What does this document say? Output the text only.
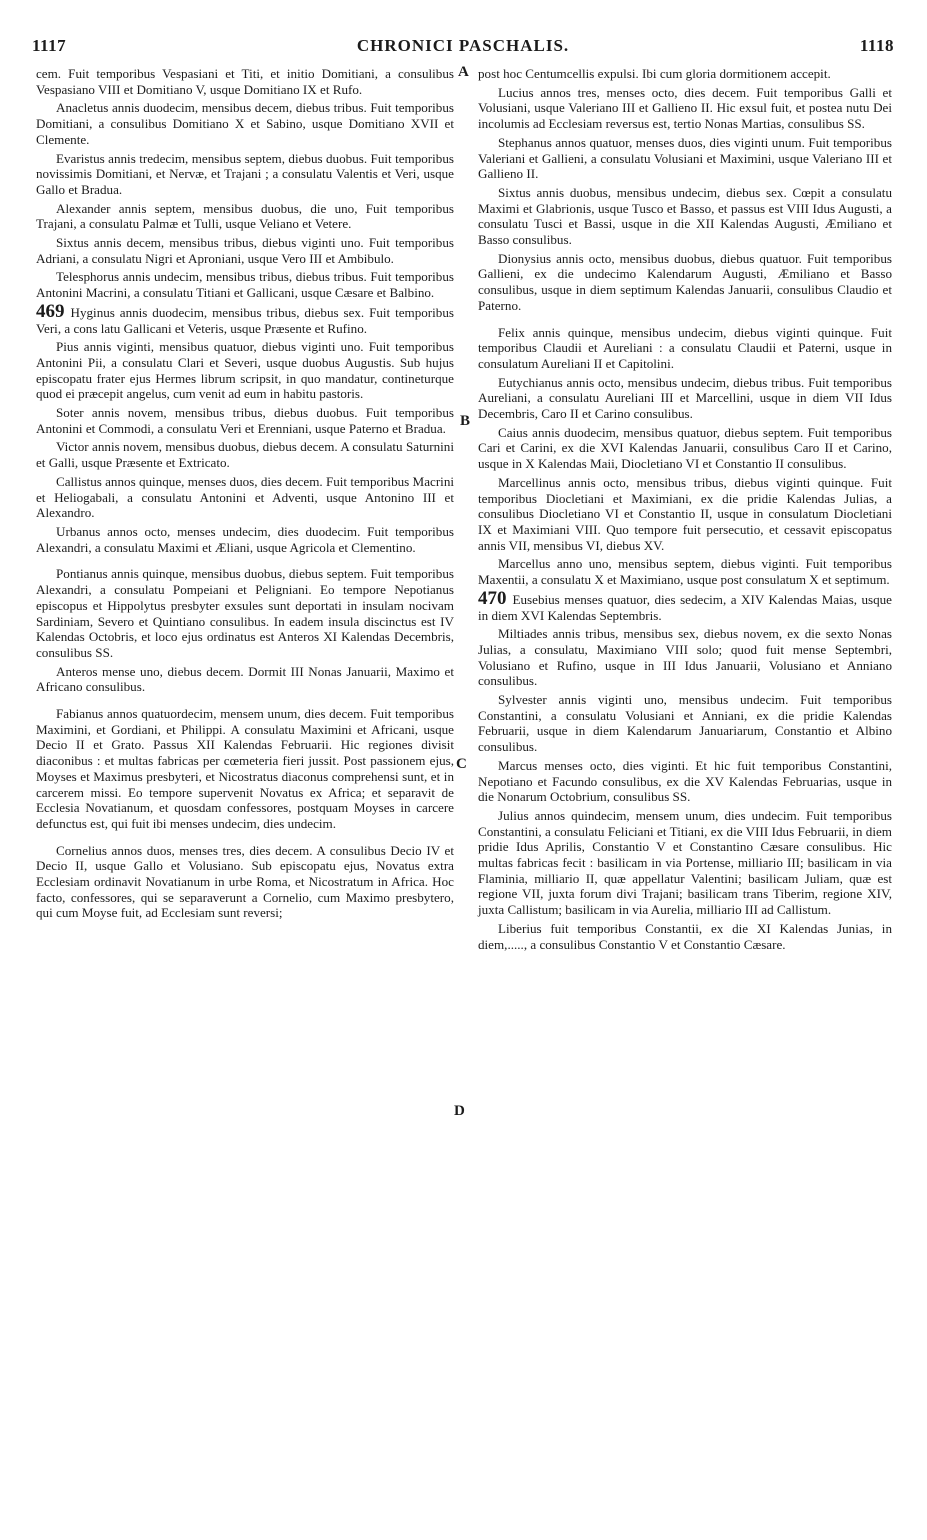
1117	CHRONICI PASCHALIS.	1118
A
B
C
D

cem. Fuit temporibus Vespasiani et Titi, et initio Domitiani, a consulibus Vespasiano VIII et Domitiano V, usque Domitiano IX et Rufo.

Anacletus annis duodecim, mensibus decem, diebus tribus. Fuit temporibus Domitiani, a consulibus Domitiano X et Sabino, usque Domitiano XVII et Clemente.

Evaristus annis tredecim, mensibus septem, diebus duobus. Fuit temporibus novissimis Domitiani, et Nervæ, et Trajani ; a consulatu Valentis et Veri, usque Gallo et Bradua.

Alexander annis septem, mensibus duobus, die uno, Fuit temporibus Trajani, a consulatu Palmæ et Tulli, usque Veliano et Vetere.

Sixtus annis decem, mensibus tribus, diebus viginti uno. Fuit temporibus Adriani, a consulatu Nigri et Aproniani, usque Vero III et Ambibulo.

Telesphorus annis undecim, mensibus tribus, diebus tribus. Fuit temporibus Antonini Macrini, a consulatu Titiani et Gallicani, usque Cæsare et Balbino.

469 Hyginus annis duodecim, mensibus tribus, diebus sex. Fuit temporibus Veri, a cons latu Gallicani et Veteris, usque Præsente et Rufino.

Pius annis viginti, mensibus quatuor, diebus viginti uno. Fuit temporibus Antonini Pii, a consulatu Clari et Severi, usque duobus Augustis. Sub hujus episcopatu frater ejus Hermes librum scripsit, in quo mandatur, contineturque quod ei præcepit angelus, cum venit ad eum in habitu pastoris.

Soter annis novem, mensibus tribus, diebus duobus. Fuit temporibus Antonini et Commodi, a consulatu Veri et Erenniani, usque Paterno et Bradua.

Victor annis novem, mensibus duobus, diebus decem. A consulatu Saturnini et Galli, usque Præsente et Extricato.

Callistus annos quinque, menses duos, dies decem. Fuit temporibus Macrini et Heliogabali, a consulatu Antonini et Adventi, usque Antonino III et Alexandro.

Urbanus annos octo, menses undecim, dies duodecim. Fuit temporibus Alexandri, a consulatu Maximi et Æliani, usque Agricola et Clementino.

Pontianus annis quinque, mensibus duobus, diebus septem. Fuit temporibus Alexandri, a consulatu Pompeiani et Peligniani. Eo tempore Nepotianus episcopus et Hippolytus presbyter exsules sunt deportati in insulam nocivam Sardiniam, Severo et Quintiano consulibus. In eadem insula discinctus est IV Kalendas Octobris, et loco ejus ordinatus est Anteros XI Kalendas Decembris, consulibus SS.

Anteros mense uno, diebus decem. Dormit III Nonas Januarii, Maximo et Africano consulibus.

Fabianus annos quatuordecim, mensem unum, dies decem. Fuit temporibus Maximini, et Gordiani, et Philippi. A consulatu Maximini et Africani, usque Decio II et Grato. Passus XII Kalendas Februarii. Hic regiones divisit diaconibus : et multas fabricas per cœmeteria fieri jussit. Post passionem ejus, Moyses et Maximus presbyteri, et Nicostratus diaconus comprehensi sunt, et in carcerem missi. Eo tempore supervenit Novatus ex Africa; et separavit de Ecclesia Novatianum, et quosdam confessores, postquam Moyses in carcere defunctus est, qui fuit ibi menses undecim, dies undecim.

Cornelius annos duos, menses tres, dies decem. A consulibus Decio IV et Decio II, usque Gallo et Volusiano. Sub episcopatu ejus, Novatus extra Ecclesiam ordinavit Novatianum in urbe Roma, et Nicostratum in Africa. Hoc facto, confessores, qui se separaverunt a Cornelio, cum Maximo presbytero, qui cum Moyse fuit, ad Ecclesiam sunt reversi;

post hoc Centumcellis expulsi. Ibi cum gloria dormitionem accepit.

Lucius annos tres, menses octo, dies decem. Fuit temporibus Galli et Volusiani, usque Valeriano III et Gallieno II. Hic exsul fuit, et postea nutu Dei incolumis ad Ecclesiam reversus est, tertio Nonas Martias, consulibus SS.

Stephanus annos quatuor, menses duos, dies viginti unum. Fuit temporibus Valeriani et Gallieni, a consulatu Volusiani et Maximini, usque Valeriano III et Gallieno II.

Sixtus annis duobus, mensibus undecim, diebus sex. Cœpit a consulatu Maximi et Glabrionis, usque Tusco et Basso, et passus est VIII Idus Augusti, a consulatu Tusci et Bassi, usque in die XII Kalendas Augusti, Æmiliano et Basso consulibus.

Dionysius annis octo, mensibus duobus, diebus quatuor. Fuit temporibus Gallieni, ex die undecimo Kalendarum Augusti, Æmiliano et Basso consulibus, usque in diem septimum Kalendas Januarii, consulibus Claudio et Paterno.

Felix annis quinque, mensibus undecim, diebus viginti quinque. Fuit temporibus Claudii et Aureliani : a consulatu Claudii et Paterni, usque in consulatum Aureliani II et Capitolini.

Eutychianus annis octo, mensibus undecim, diebus tribus. Fuit temporibus Aureliani, a consulatu Aureliani III et Marcellini, usque in diem VII Idus Decembris, Caro II et Carino consulibus.

Caius annis duodecim, mensibus quatuor, diebus septem. Fuit temporibus Cari et Carini, ex die XVI Kalendas Januarii, consulibus Caro II et Carino, usque in X Kalendas Maii, Diocletiano VI et Constantio II consulibus.

Marcellinus annis octo, mensibus tribus, diebus viginti quinque. Fuit temporibus Diocletiani et Maximiani, ex die pridie Kalendas Julias, a consulibus Diocletiano VI et Constantio II, usque in consulatum Diocletiani IX et Maximiani VIII. Quo tempore fuit persecutio, et cessavit episcopatus annis VII, mensibus VI, diebus XV.

Marcellus anno uno, mensibus septem, diebus viginti. Fuit temporibus Maxentii, a consulatu X et Maximiano, usque post consulatum X et septimum.

470 Eusebius menses quatuor, dies sedecim, a XIV Kalendas Maias, usque in diem XVI Kalendas Septembris.

Miltiades annis tribus, mensibus sex, diebus novem, ex die sexto Nonas Julias, a consulatu, Maximiano VIII solo; quod fuit mense Septembri, Volusiano et Rufino, usque in III Idus Januarii, Volusiano et Anniano consulibus.

Sylvester annis viginti uno, mensibus undecim. Fuit temporibus Constantini, a consulatu Volusiani et Anniani, ex die pridie Kalendas Februarii, usque in diem Kalendarum Januariarum, Constantio et Albino consulibus.

Marcus menses octo, dies viginti. Et hic fuit temporibus Constantini, Nepotiano et Facundo consulibus, ex die XV Kalendas Februarias, usque in die Nonarum Octobrium, consulibus SS.

Julius annos quindecim, mensem unum, dies undecim. Fuit temporibus Constantini, a consulatu Feliciani et Titiani, ex die VIII Idus Februarii, in diem pridie Idus Aprilis, Constantio V et Constantino Cæsare consulibus. Hic multas fabricas fecit : basilicam in via Portense, milliario III; basilicam in via Flaminia, milliario II, quæ appellatur Valentini; basilicam Juliam, quæ est regione VII, juxta forum divi Trajani; basilicam trans Tiberim, regione XIV, juxta Callistum; basilicam in via Aurelia, milliario III ad Callistum.

Liberius fuit temporibus Constantii, ex die XI Kalendas Junias, in diem,....., a consulibus Constantio V et Constantio Cæsare.
